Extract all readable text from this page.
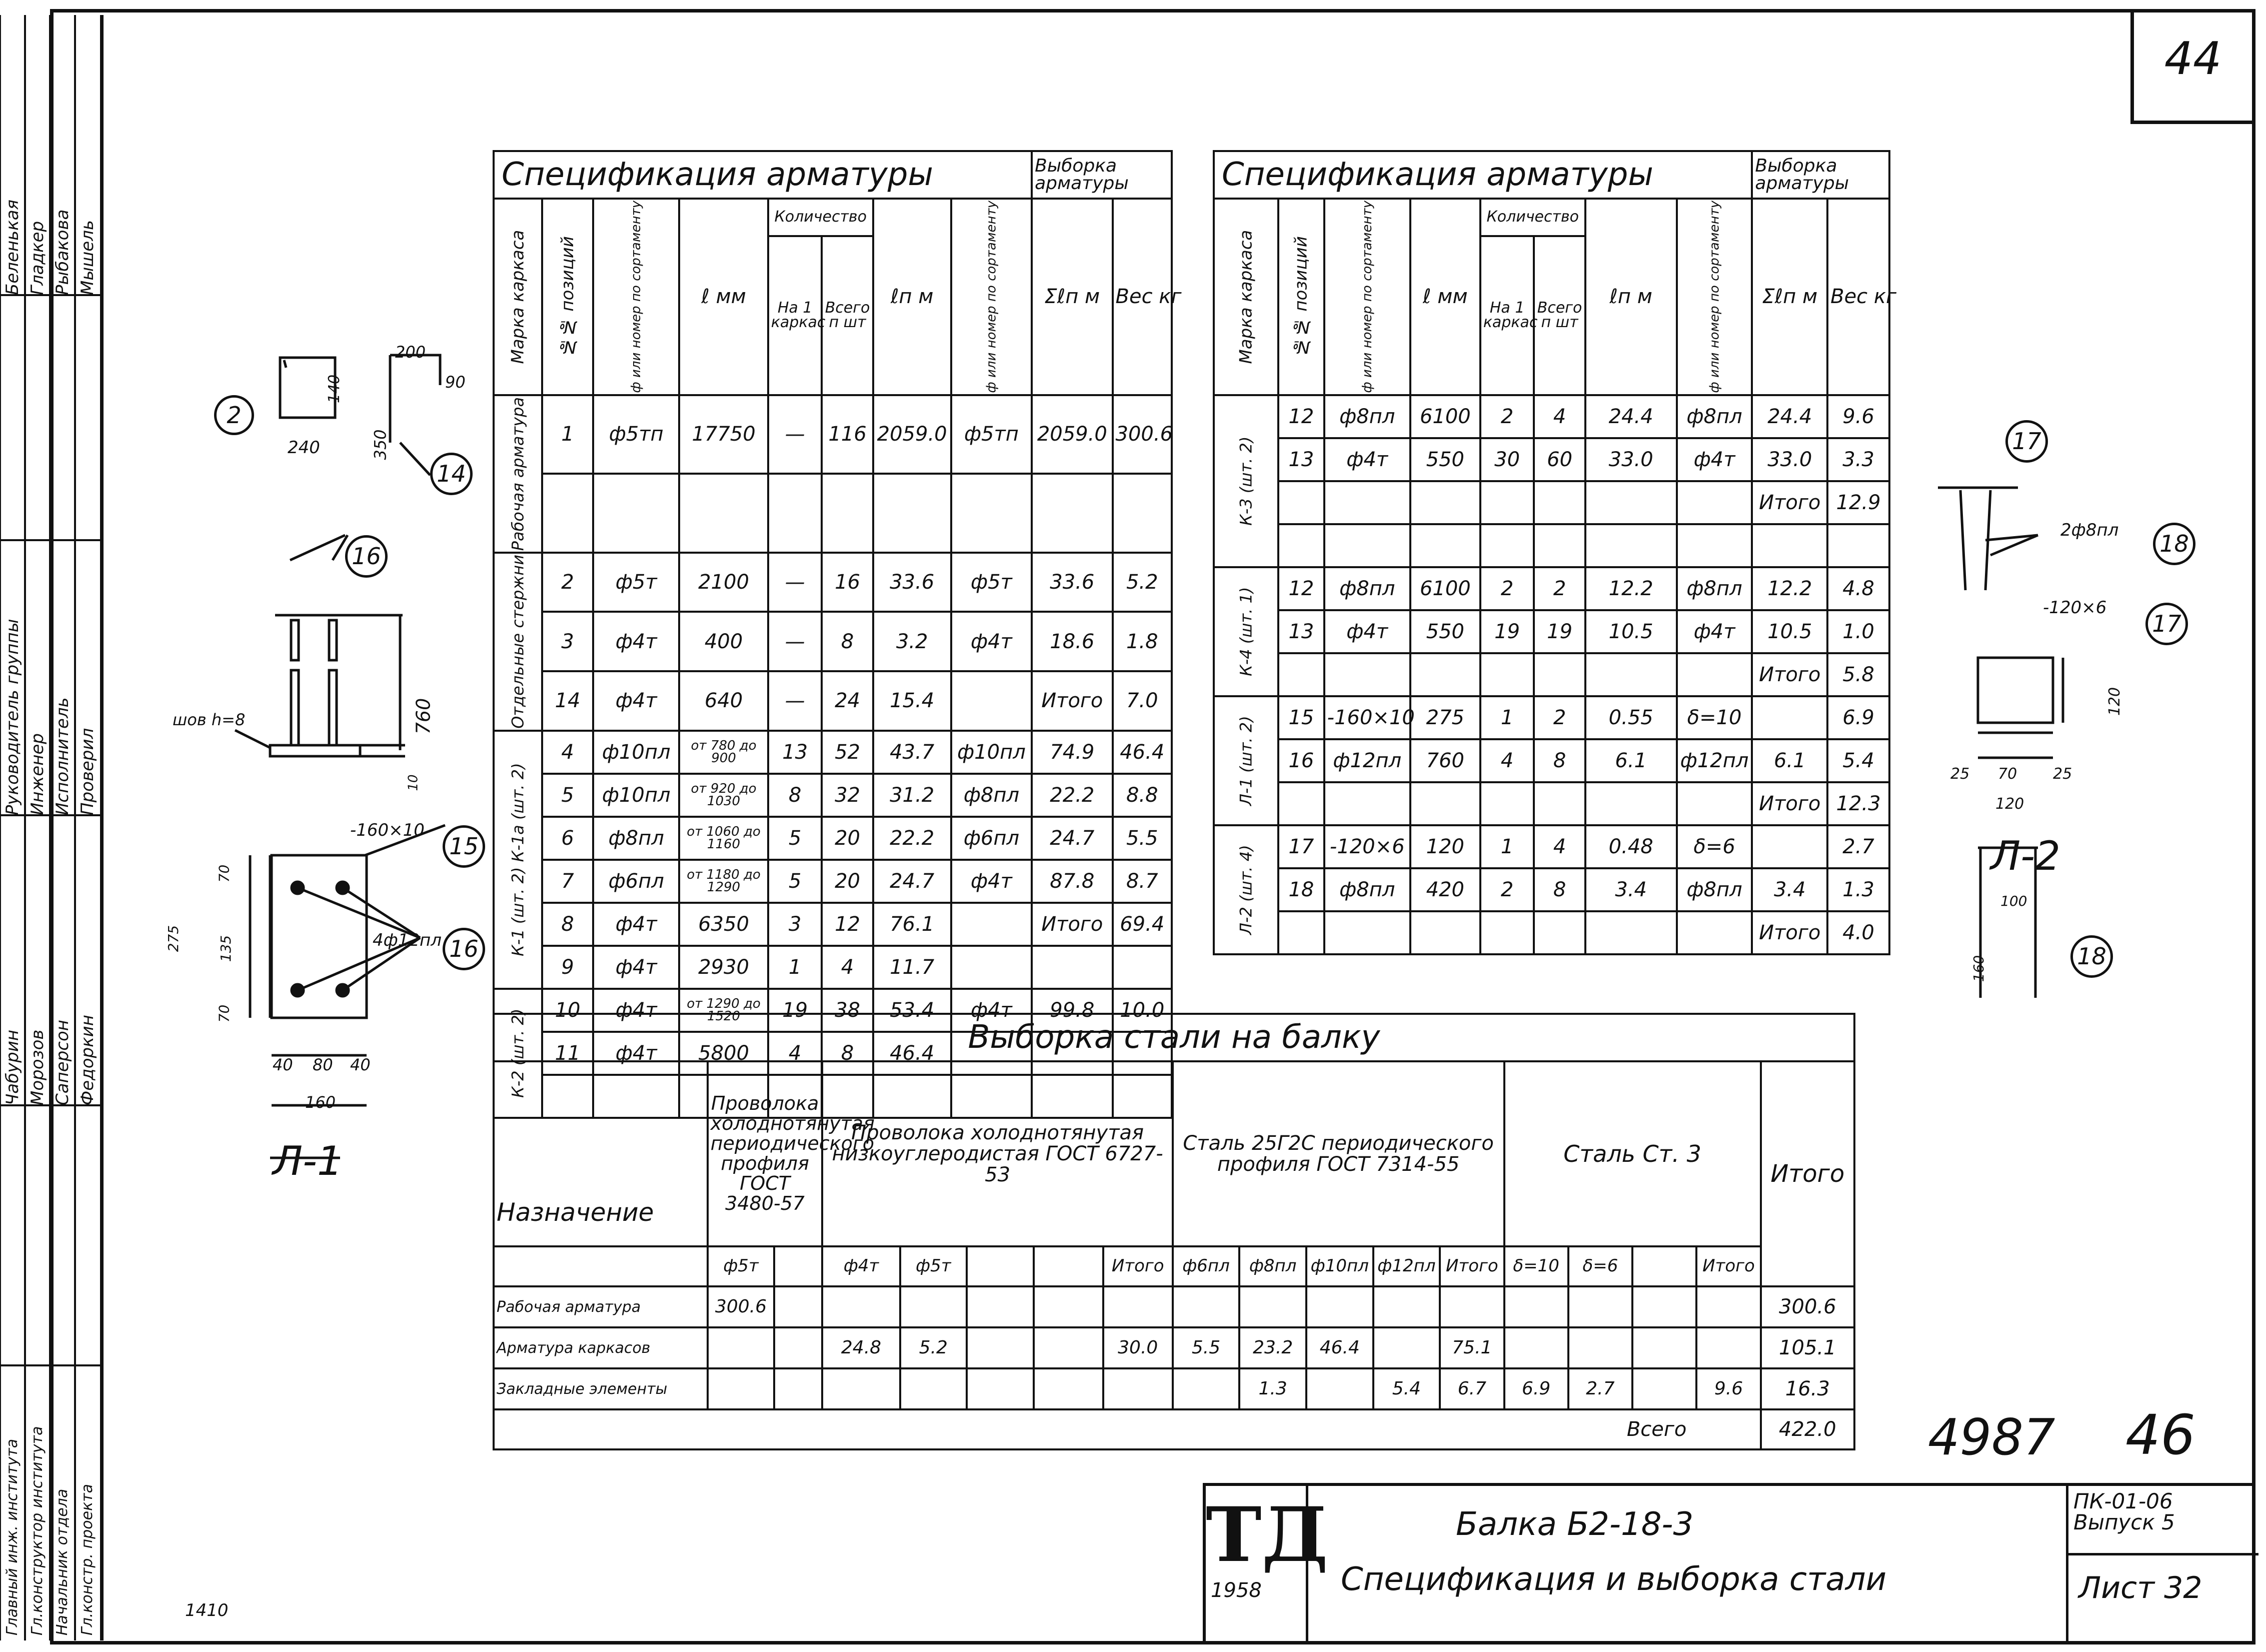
44
Беленькая Гладкер Рыбакова Мышель
Руководитель группы Инженер Исполнитель Проверил
Чабурин Морозов Саперсон Федоркин
Главный инж. института Гл.конструктор института Начальник отдела Гл.констр. проекта
Спецификация арматуры								Выборка арматуры	
Марка каркаса	№№ позиций	ф или номер по сортаменту	ℓ мм	Количество		ℓп м	ф или номер по сортаменту	Σℓп м	Вес кг
				На 1 каркас	Всего п шт				
Рабочая арматура	1	ф5тп	17750	—	116	2059.0	ф5тп	2059.0	300.6

Отдельные стержни	2	ф5т	2100	—	16	33.6	ф5т	33.6	5.2
	3	ф4т	400	—	8	3.2	ф4т	18.6	1.8
	14	ф4т	640	—	24	15.4		Итого	7.0
К-1 (шт. 2) К-1а (шт. 2)	4	ф10пл	от 780 до 900	13	52	43.7	ф10пл	74.9	46.4
	5	ф10пл	от 920 до 1030	8	32	31.2	ф8пл	22.2	8.8
	6	ф8пл	от 1060 до 1160	5	20	22.2	ф6пл	24.7	5.5
	7	ф6пл	от 1180 до 1290	5	20	24.7	ф4т	87.8	8.7
	8	ф4т	6350	3	12	76.1		Итого	69.4
	9	ф4т	2930	1	4	11.7			
К-2 (шт. 2)	10	ф4т	от 1290 до 1520	19	38	53.4	ф4т	99.8	10.0
	11	ф4т	5800	4	8	46.4			

Спецификация арматуры								Выборка арматуры	
Марка каркаса	№№ позиций	ф или номер по сортаменту	ℓ мм	Количество		ℓп м	ф или номер по сортаменту	Σℓп м	Вес кг
				На 1 каркас	Всего п шт				
К-3 (шт. 2)	12	ф8пл	6100	2	4	24.4	ф8пл	24.4	9.6
	13	ф4т	550	30	60	33.0	ф4т	33.0	3.3
								Итого	12.9

К-4 (шт. 1)	12	ф8пл	6100	2	2	12.2	ф8пл	12.2	4.8
	13	ф4т	550	19	19	10.5	ф4т	10.5	1.0
								Итого	5.8
Л-1 (шт. 2)	15	-160×10	275	1	2	0.55	δ=10		6.9
	16	ф12пл	760	4	8	6.1	ф12пл	6.1	5.4
								Итого	12.3
Л-2 (шт. 4)	17	-120×6	120	1	4	0.48	δ=6		2.7
	18	ф8пл	420	2	8	3.4	ф8пл	3.4	1.3
								Итого	4.0
Выборка стали на балку																	
Назначение	Проволока холоднотянутая периодического профиля ГОСТ 3480-57		Проволока холоднотянутая низкоуглеродистая ГОСТ 6727-53					Сталь 25Г2С периодического профиля ГОСТ 7314-55					Сталь Ст. 3				Итого
	ф5т		ф4т	ф5т			Итого	ф6пл	ф8пл	ф10пл	ф12пл	Итого	δ=10	δ=6		Итого	
Рабочая арматура	300.6																300.6
Арматура каркасов			24.8	5.2			30.0	5.5	23.2	46.4		75.1					105.1
Закладные элементы									1.3		5.4	6.7	6.9	2.7		9.6	16.3
Всего																	422.0
ТД
1958
Балка Б2-18-3
Спецификация и выборка стали
ПК-01-06 Выпуск 5
Лист 32
4987 46
1410
2
14
16
15
16
240
140
200
90
350
шов h=8	760
10
-160×10
4ф12пл
70
135
70
275
40 80 40
160
Л-1
17
18
17
18
2ф8пл
-120×6
120
25 70 25
120
Л-2
100
160
